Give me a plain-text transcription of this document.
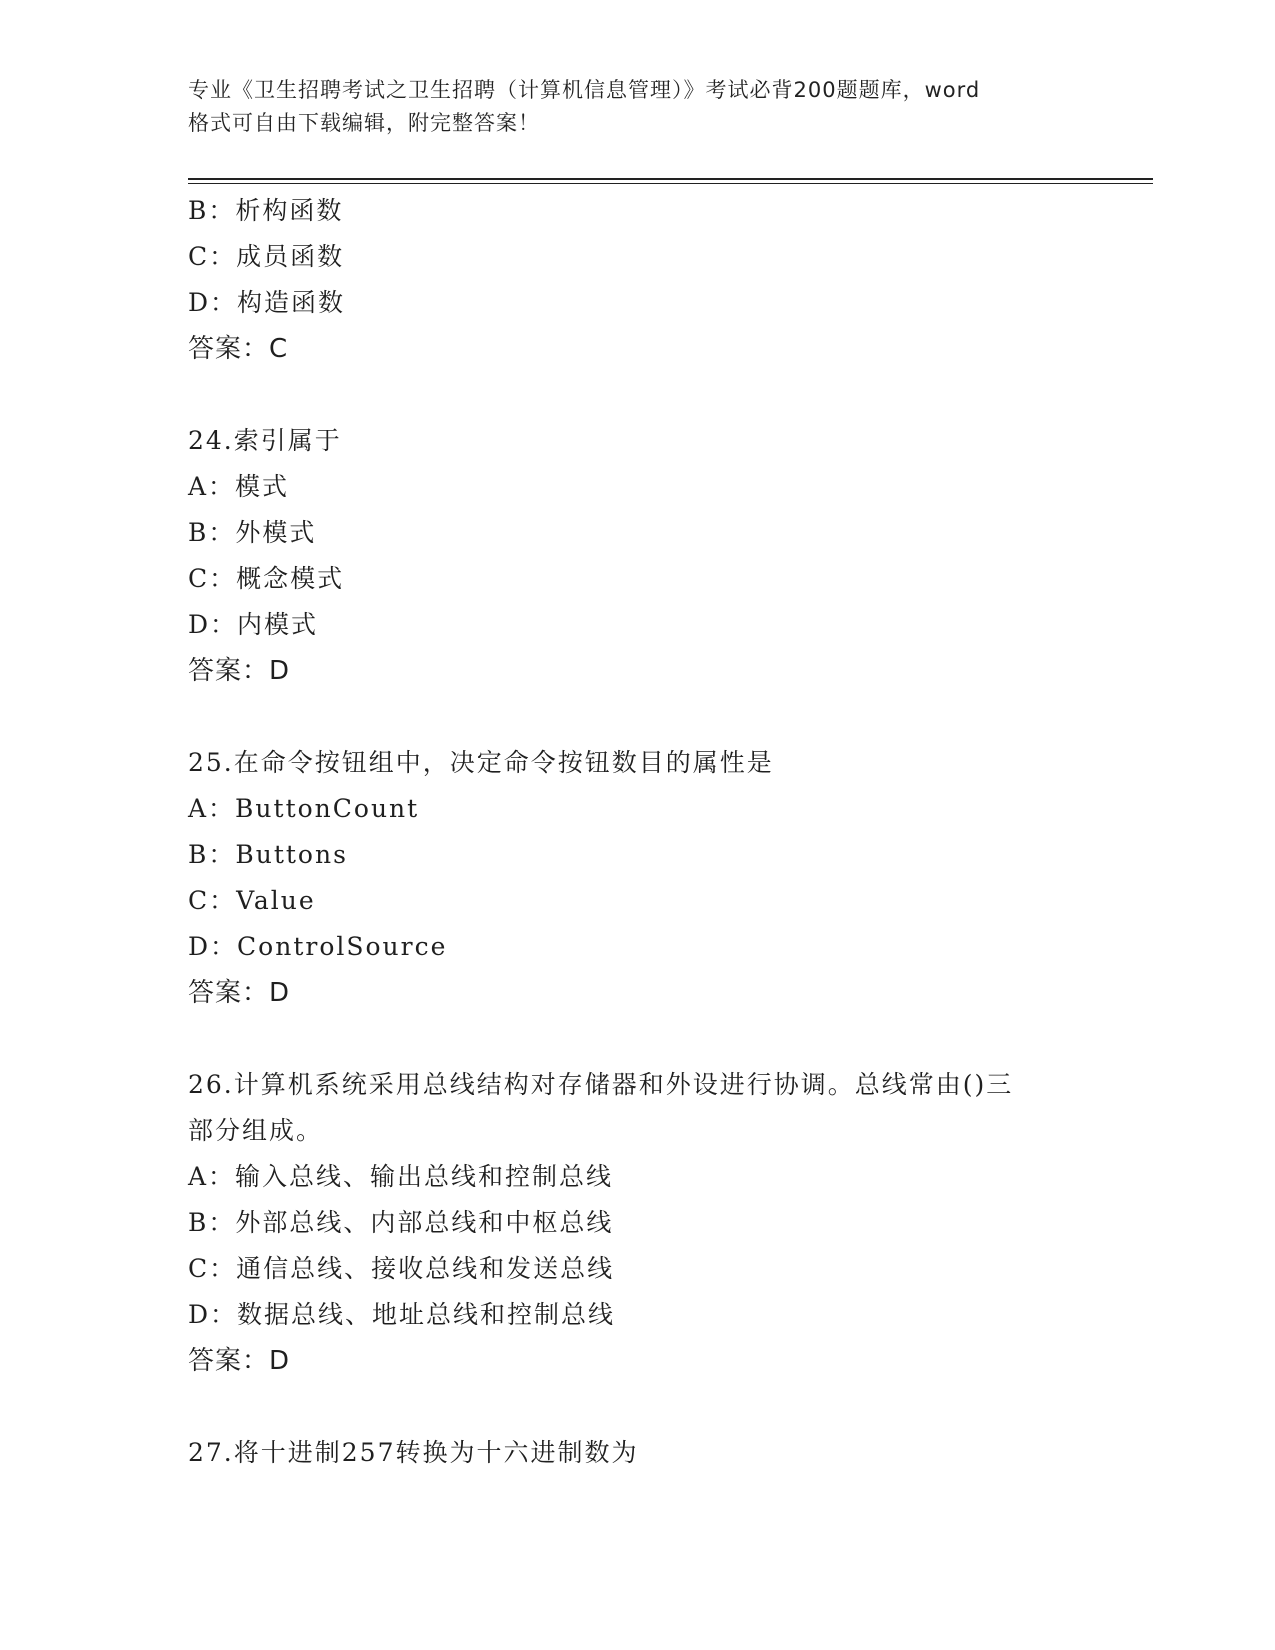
专业《卫生招聘考试之卫生招聘（计算机信息管理）》考试必背200题题库，word
格式可自由下载编辑，附完整答案！
B：析构函数
C：成员函数
D：构造函数
答案：C
24.索引属于
A：模式
B：外模式
C：概念模式
D：内模式
答案：D
25.在命令按钮组中，决定命令按钮数目的属性是
A：ButtonCount
B：Buttons
C：Value
D：ControlSource
答案：D
26.计算机系统采用总线结构对存储器和外设进行协调。总线常由()三
部分组成。
A：输入总线、输出总线和控制总线
B：外部总线、内部总线和中枢总线
C：通信总线、接收总线和发送总线
D：数据总线、地址总线和控制总线
答案：D
27.将十进制257转换为十六进制数为
